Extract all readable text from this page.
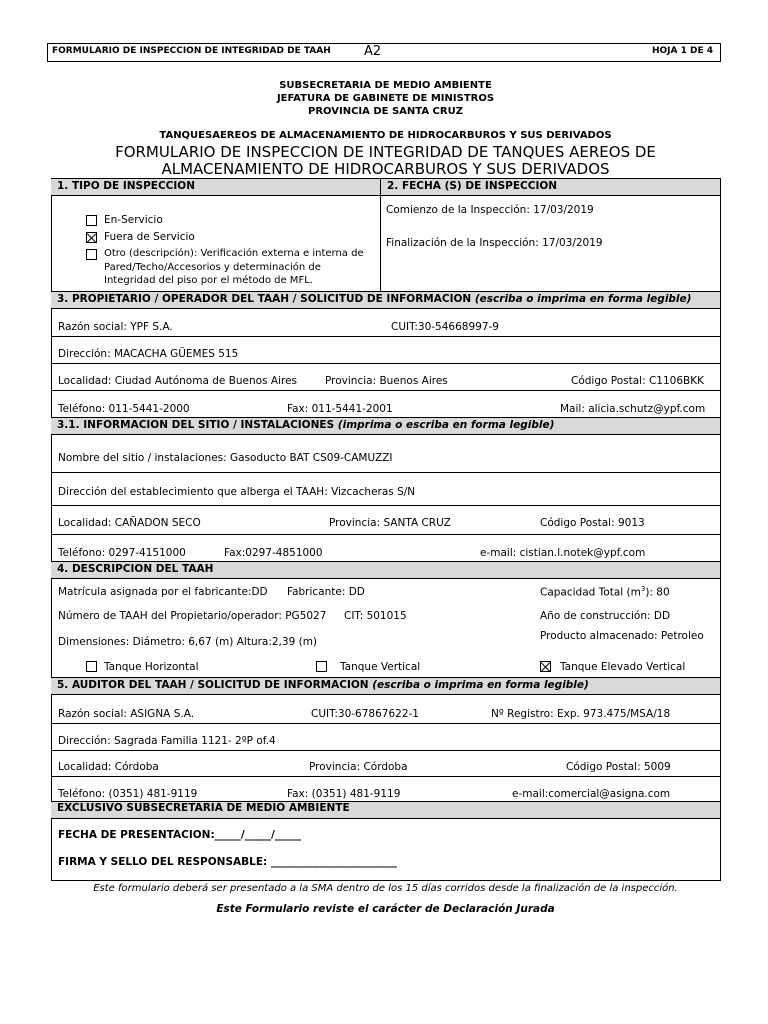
FORMULARIO DE INSPECCION DE INTEGRIDAD DE TAAH	A2	HOJA 1 DE 4
SUBSECRETARIA DE MEDIO AMBIENTE
JEFATURA DE GABINETE DE MINISTROS
PROVINCIA DE SANTA CRUZ
TANQUESAEREOS DE ALMACENAMIENTO DE HIDROCARBUROS Y SUS DERIVADOS
FORMULARIO DE INSPECCION DE INTEGRIDAD DE TANQUES AEREOS DE
ALMACENAMIENTO DE HIDROCARBUROS Y SUS DERIVADOS
1. TIPO DE INSPECCION	2. FECHA (S) DE INSPECCION
En-Servicio
Fuera de Servicio
Otro (descripción): Verificación externa e interna de
Pared/Techo/Accesorios y determinación de
Integridad del piso por el método de MFL.
Comienzo de la Inspección: 17/03/2019
Finalización de la Inspección: 17/03/2019
3. PROPIETARIO / OPERADOR DEL TAAH / SOLICITUD DE INFORMACION (escriba o imprima en forma legible)
Razón social: YPF S.A.	CUIT:30-54668997-9
Dirección: MACACHA GÜEMES 515
Localidad: Ciudad Autónoma de Buenos Aires	Provincia: Buenos Aires	Código Postal: C1106BKK
Teléfono: 011-5441-2000	Fax: 011-5441-2001	Mail: alicia.schutz@ypf.com
3.1. INFORMACION DEL SITIO / INSTALACIONES (imprima o escriba en forma legible)
Nombre del sitio / instalaciones: Gasoducto BAT CS09-CAMUZZI
Dirección del establecimiento que alberga el TAAH: Vizcacheras S/N
Localidad: CAÑADON SECO	Provincia: SANTA CRUZ	Código Postal: 9013
Teléfono: 0297-4151000	Fax:0297-4851000	e-mail: cistian.l.notek@ypf.com
4. DESCRIPCION DEL TAAH
Matrícula asignada por el fabricante:DD Fabricante: DD	Capacidad Total $(m^3)$: 80
Número de TAAH del Propietario/operador: PG5027 CIT: 501015	Año de construcción: DD
Dimensiones: Diámetro: 6,67 (m) Altura:2,39 (m)	Producto almacenado: Petroleo
Tanque Horizontal	Tanque Vertical	Tanque Elevado Vertical
5. AUDITOR DEL TAAH / SOLICITUD DE INFORMACION (escriba o imprima en forma legible)
Razón social: ASIGNA S.A.	CUIT:30-67867622-1	Nº Registro: Exp. 973.475/MSA/18
Dirección: Sagrada Familia 1121- 2ºP of.4
Localidad: Córdoba	Provincia: Córdoba	Código Postal: 5009
Teléfono: (0351) 481-9119	Fax: (0351) 481-9119	e-mail:comercial@asigna.com
EXCLUSIVO SUBSECRETARIA DE MEDIO AMBIENTE
FECHA DE PRESENTACION:_____/_____/_____
FIRMA Y SELLO DEL RESPONSABLE: ________________________
Este formulario deberá ser presentado a la SMA dentro de los 15 días corridos desde la finalización de la inspección.
Este Formulario reviste el carácter de Declaración Jurada
